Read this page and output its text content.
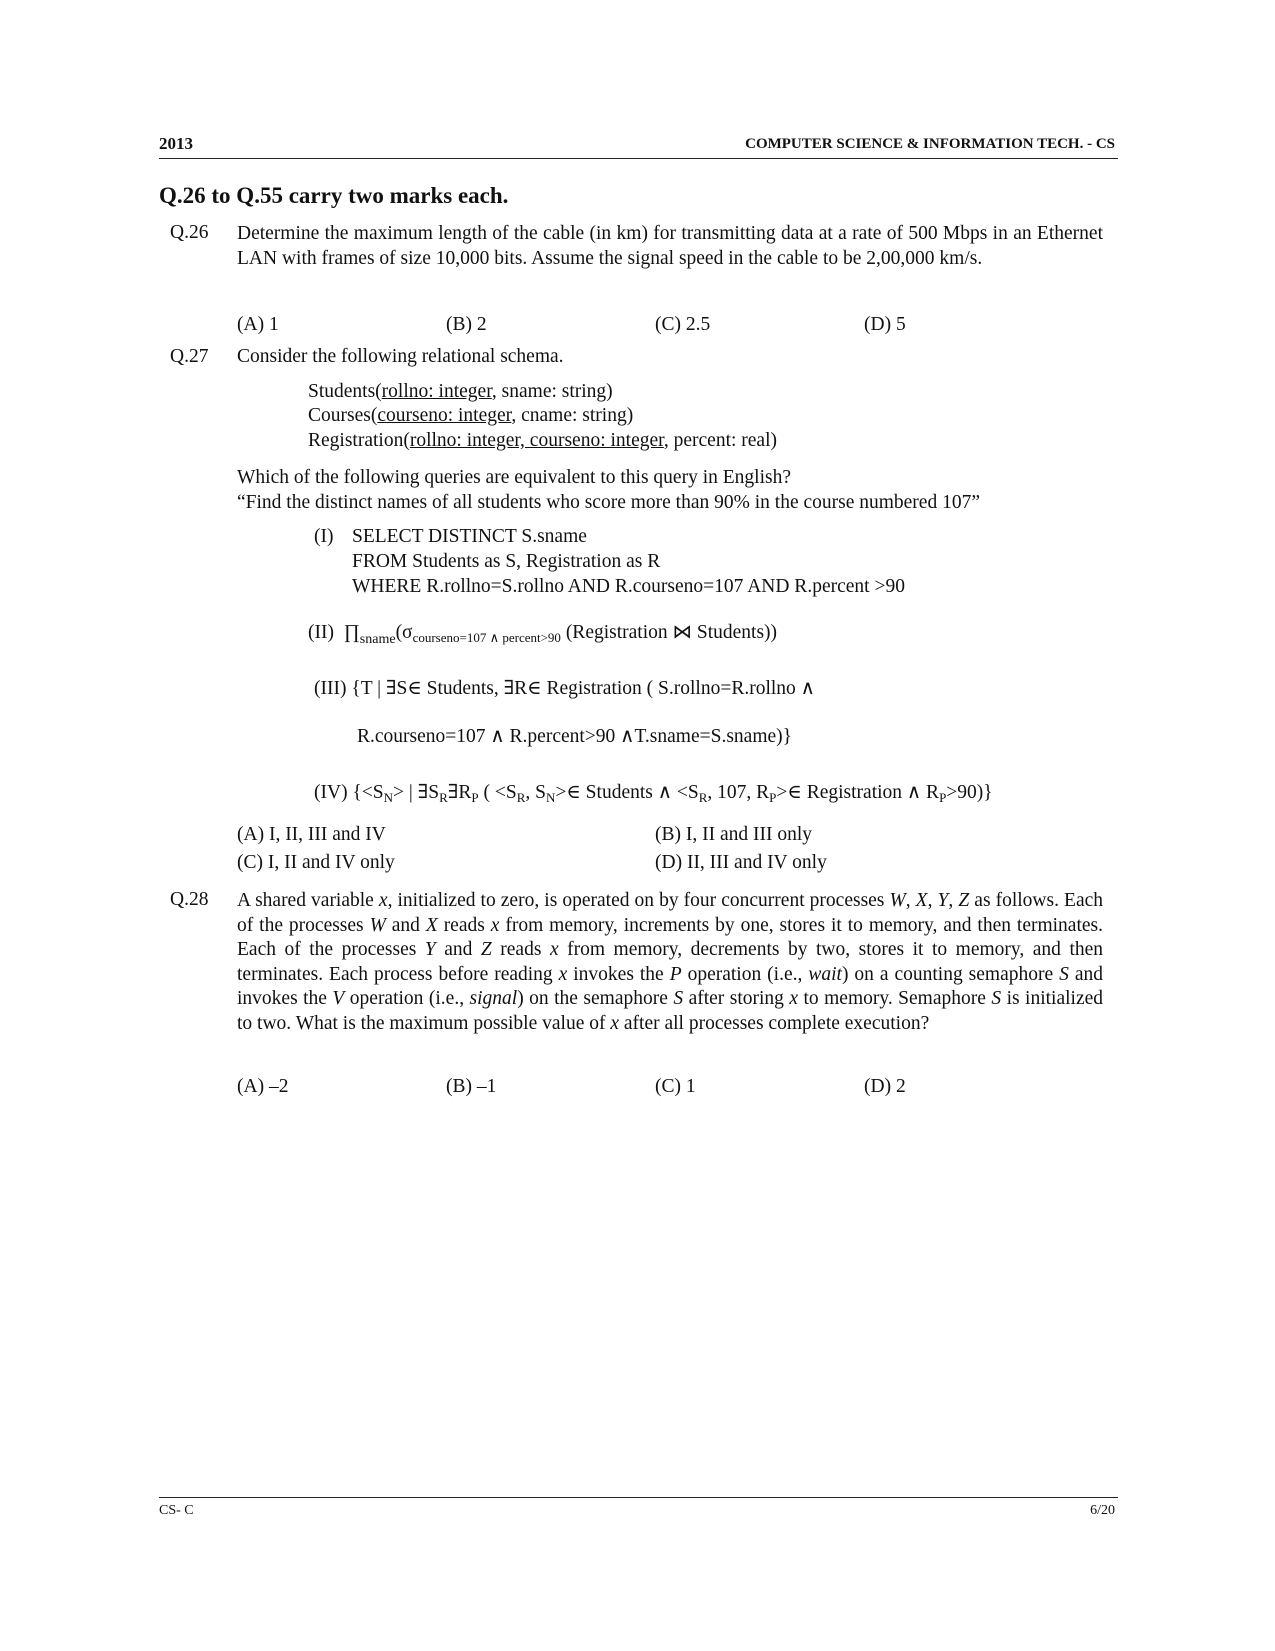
2013	COMPUTER SCIENCE & INFORMATION TECH. - CS
Q.26 to Q.55 carry two marks each.
Q.26 Determine the maximum length of the cable (in km) for transmitting data at a rate of 500 Mbps in an Ethernet LAN with frames of size 10,000 bits. Assume the signal speed in the cable to be 2,00,000 km/s.
(A) 1	(B) 2	(C) 2.5	(D) 5
Q.27 Consider the following relational schema.
Students(rollno: integer, sname: string)
Courses(courseno: integer, cname: string)
Registration(rollno: integer, courseno: integer, percent: real)
Which of the following queries are equivalent to this query in English?
“Find the distinct names of all students who score more than 90% in the course numbered 107”
(I) SELECT DISTINCT S.sname
FROM Students as S, Registration as R
WHERE R.rollno=S.rollno AND R.courseno=107 AND R.percent >90
(II) $\prod_{sname}(\sigma_{courseno=107 \wedge percent>90}$ (Registration ⋈ Students))
(III) {T | ∃S∈ Students, ∃R∈ Registration ( S.rollno=R.rollno ∧
R.courseno=107 ∧ R.percent>90 ∧T.sname=S.sname)}
(IV) {$<S_N>$ | $\exists S_R\exists R_P$ ( $<S_R$, $S_N>\in$ Students ∧ $<S_R$, 107, $R_P>\in$ Registration ∧ $R_P>90$)}
(A) I, II, III and IV	(B) I, II and III only
(C) I, II and IV only	(D) II, III and IV only
Q.28 A shared variable x, initialized to zero, is operated on by four concurrent processes W, X, Y, Z as follows. Each of the processes W and X reads x from memory, increments by one, stores it to memory, and then terminates. Each of the processes Y and Z reads x from memory, decrements by two, stores it to memory, and then terminates. Each process before reading x invokes the P operation (i.e., wait) on a counting semaphore S and invokes the V operation (i.e., signal) on the semaphore S after storing x to memory. Semaphore S is initialized to two. What is the maximum possible value of x after all processes complete execution?
(A) –2	(B) –1	(C) 1	(D) 2
CS- C	6/20
